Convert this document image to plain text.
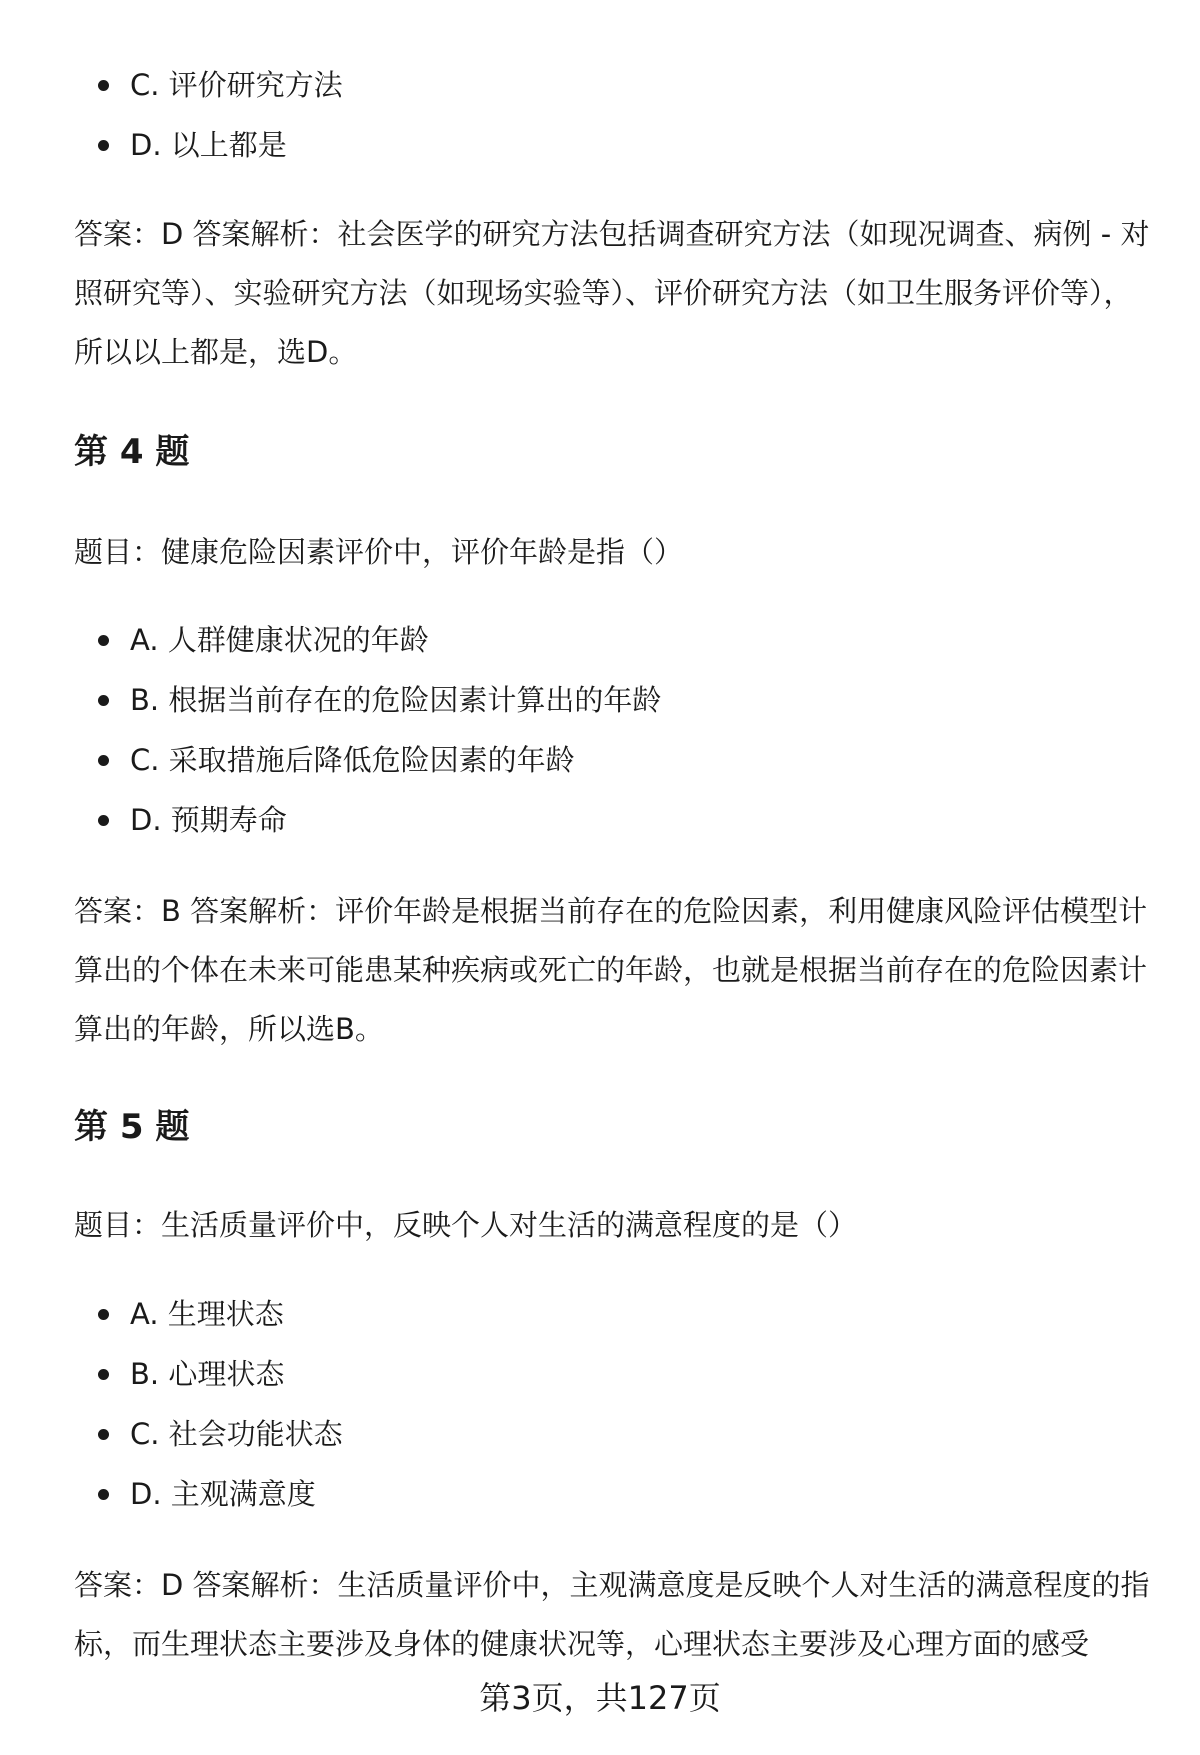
C. 评价研究方法
D. 以上都是

答案：D 答案解析：社会医学的研究方法包括调查研究方法（如现况调查、病例 - 对照研究等）、实验研究方法（如现场实验等）、评价研究方法（如卫生服务评价等），所以以上都是，选D。

第 4 题

题目：健康危险因素评价中，评价年龄是指（）

A. 人群健康状况的年龄
B. 根据当前存在的危险因素计算出的年龄
C. 采取措施后降低危险因素的年龄
D. 预期寿命

答案：B 答案解析：评价年龄是根据当前存在的危险因素，利用健康风险评估模型计算出的个体在未来可能患某种疾病或死亡的年龄，也就是根据当前存在的危险因素计算出的年龄，所以选B。

第 5 题

题目：生活质量评价中，反映个人对生活的满意程度的是（）

A. 生理状态
B. 心理状态
C. 社会功能状态
D. 主观满意度

答案：D 答案解析：生活质量评价中，主观满意度是反映个人对生活的满意程度的指标，而生理状态主要涉及身体的健康状况等，心理状态主要涉及心理方面的感受

第3页，共127页
